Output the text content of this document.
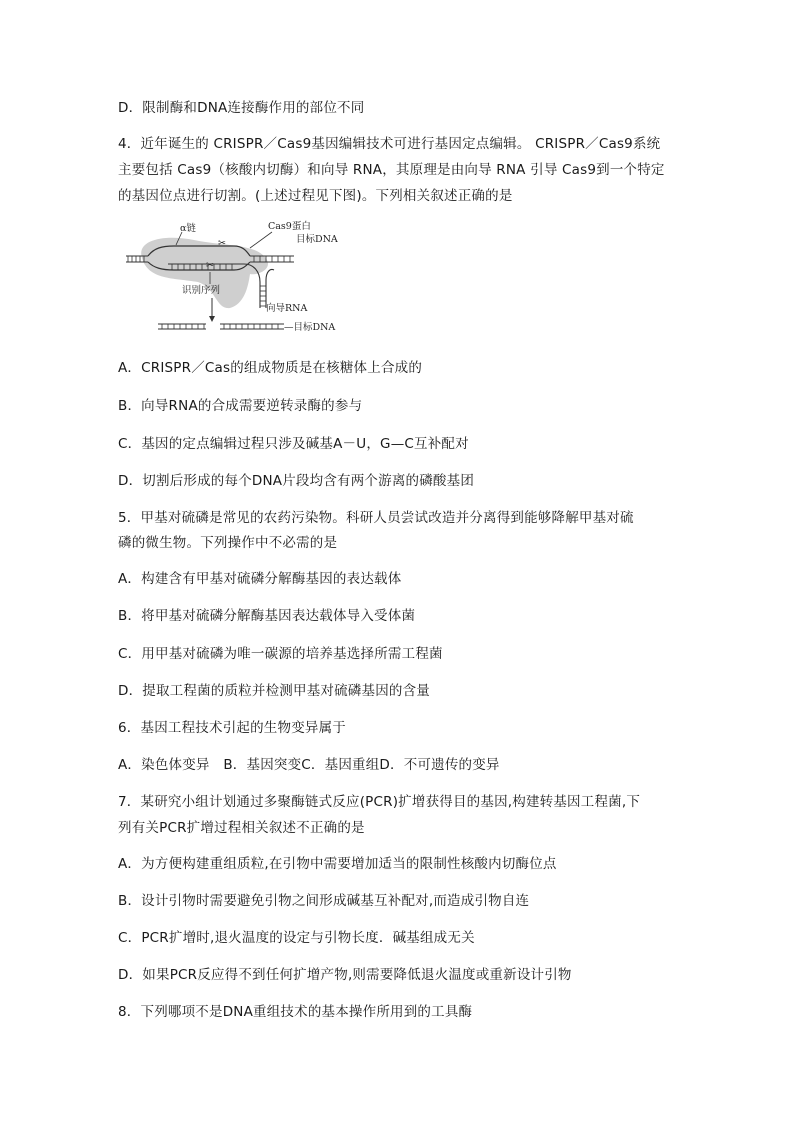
D．限制酶和DNA连接酶作用的部位不同
4．近年诞生的 CRISPR／Cas9基因编辑技术可进行基因定点编辑。 CRISPR／Cas9系统
主要包括 Cas9（核酸内切酶）和向导 RNA，其原理是由向导 RNA 引导 Cas9到一个特定
的基因位点进行切割。(上述过程见下图)。下列相关叙述正确的是
✂
✂
α链	Cas9蛋白
目标DNA
识别序列
向导RNA
—目标DNA
A．CRISPR／Cas的组成物质是在核糖体上合成的
B．向导RNA的合成需要逆转录酶的参与
C．基因的定点编辑过程只涉及碱基A－U，G—C互补配对
D．切割后形成的每个DNA片段均含有两个游离的磷酸基团
5．甲基对硫磷是常见的农药污染物。科研人员尝试改造并分离得到能够降解甲基对硫
磷的微生物。下列操作中不必需的是
A．构建含有甲基对硫磷分解酶基因的表达载体
B．将甲基对硫磷分解酶基因表达载体导入受体菌
C．用甲基对硫磷为唯一碳源的培养基选择所需工程菌
D．提取工程菌的质粒并检测甲基对硫磷基因的含量
6．基因工程技术引起的生物变异属于
A．染色体变异　B．基因突变C．基因重组D．不可遗传的变异
7．某研究小组计划通过多聚酶链式反应(PCR)扩增获得目的基因,构建转基因工程菌,下
列有关PCR扩增过程相关叙述不正确的是
A．为方便构建重组质粒,在引物中需要增加适当的限制性核酸内切酶位点
B．设计引物时需要避免引物之间形成碱基互补配对,而造成引物自连
C．PCR扩增时,退火温度的设定与引物长度．碱基组成无关
D．如果PCR反应得不到任何扩增产物,则需要降低退火温度或重新设计引物
8．下列哪项不是DNA重组技术的基本操作所用到的工具酶
